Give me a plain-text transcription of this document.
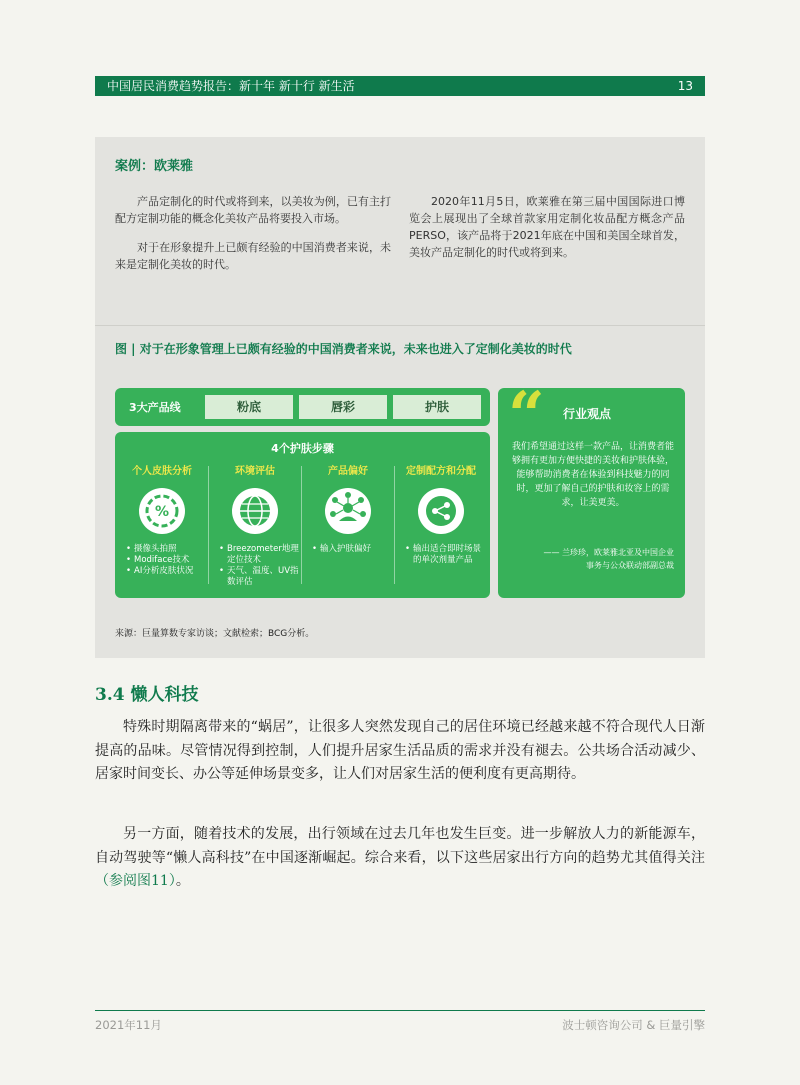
中国居民消费趋势报告：新十年 新十行 新生活	13
案例：欧莱雅

产品定制化的时代或将到来，以美妆为例，已有主打配方定制功能的概念化美妆产品将要投入市场。

对于在形象提升上已颇有经验的中国消费者来说，未来是定制化美妆的时代。

2020年11月5日，欧莱雅在第三届中国国际进口博览会上展现出了全球首款家用定制化妆品配方概念产品PERSO，该产品将于2021年底在中国和美国全球首发，美妆产品定制化的时代或将到来。

图 | 对于在形象管理上已颇有经验的中国消费者来说，未来也进入了定制化美妆的时代
3大产品线	粉底	唇彩	护肤
4个护肤步骤
个人皮肤分析
%
• 摄像头拍照
• Modiface技术
• AI分析皮肤状况
环境评估
• Breezometer地理定位技术
• 天气、温度、UV指数评估
产品偏好
• 输入护肤偏好
定制配方和分配
• 输出适合即时场景的单次剂量产品
“ 行业观点
我们希望通过这样一款产品，让消费者能够拥有更加方便快捷的美妆和护肤体验，能够帮助消费者在体验到科技魅力的同时，更加了解自己的护肤和妆容上的需求，让美更美。
—— 兰珍珍，欧莱雅北亚及中国企业
事务与公众联动部副总裁
来源：巨量算数专家访谈；文献检索；BCG分析。
3.4 懒人科技

特殊时期隔离带来的“蜗居”，让很多人突然发现自己的居住环境已经越来越不符合现代人日渐提高的品味。尽管情况得到控制，人们提升居家生活品质的需求并没有褪去。公共场合活动减少、居家时间变长、办公等延伸场景变多，让人们对居家生活的便利度有更高期待。

另一方面，随着技术的发展，出行领域在过去几年也发生巨变。进一步解放人力的新能源车，自动驾驶等“懒人高科技”在中国逐渐崛起。综合来看，以下这些居家出行方向的趋势尤其值得关注（参阅图11）。

2021年11月	波士顿咨询公司 & 巨量引擎
